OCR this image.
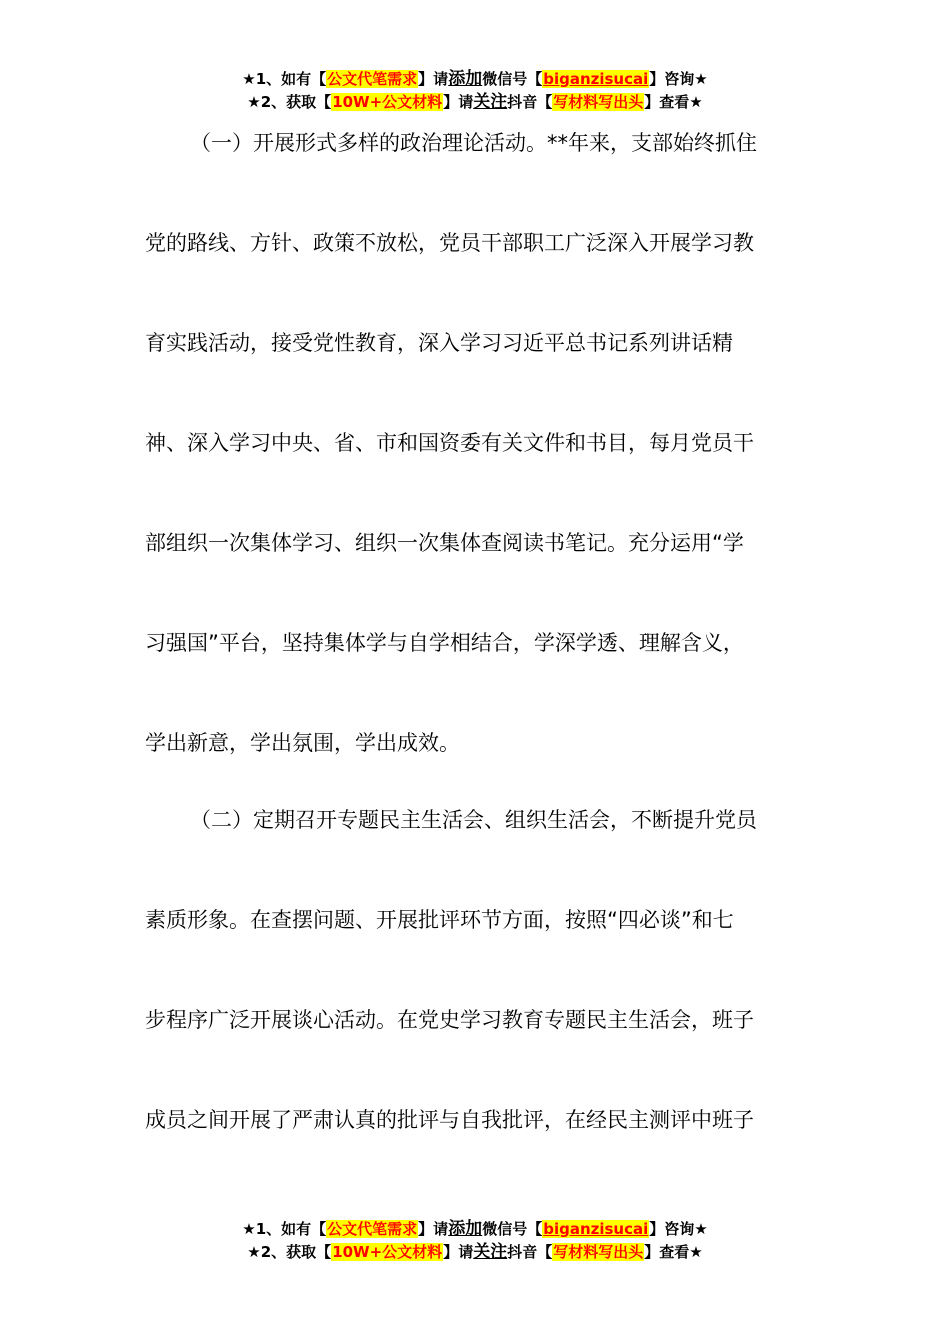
★1、如有【公文代笔需求】请添加微信号【biganzisucai】咨询★
★2、获取【10W+公文材料】请关注抖音【写材料写出头】查看★
（一）开展形式多样的政治理论活动。**年来，支部始终抓住
党的路线、方针、政策不放松，党员干部职工广泛深入开展学习教
育实践活动，接受党性教育，深入学习习近平总书记系列讲话精
神、深入学习中央、省、市和国资委有关文件和书目，每月党员干
部组织一次集体学习、组织一次集体查阅读书笔记。充分运用“学
习强国”平台，坚持集体学与自学相结合，学深学透、理解含义，
学出新意，学出氛围，学出成效。
（二）定期召开专题民主生活会、组织生活会，不断提升党员
素质形象。在查摆问题、开展批评环节方面，按照“四必谈”和七
步程序广泛开展谈心活动。在党史学习教育专题民主生活会，班子
成员之间开展了严肃认真的批评与自我批评，在经民主测评中班子
★1、如有【公文代笔需求】请添加微信号【biganzisucai】咨询★
★2、获取【10W+公文材料】请关注抖音【写材料写出头】查看★
